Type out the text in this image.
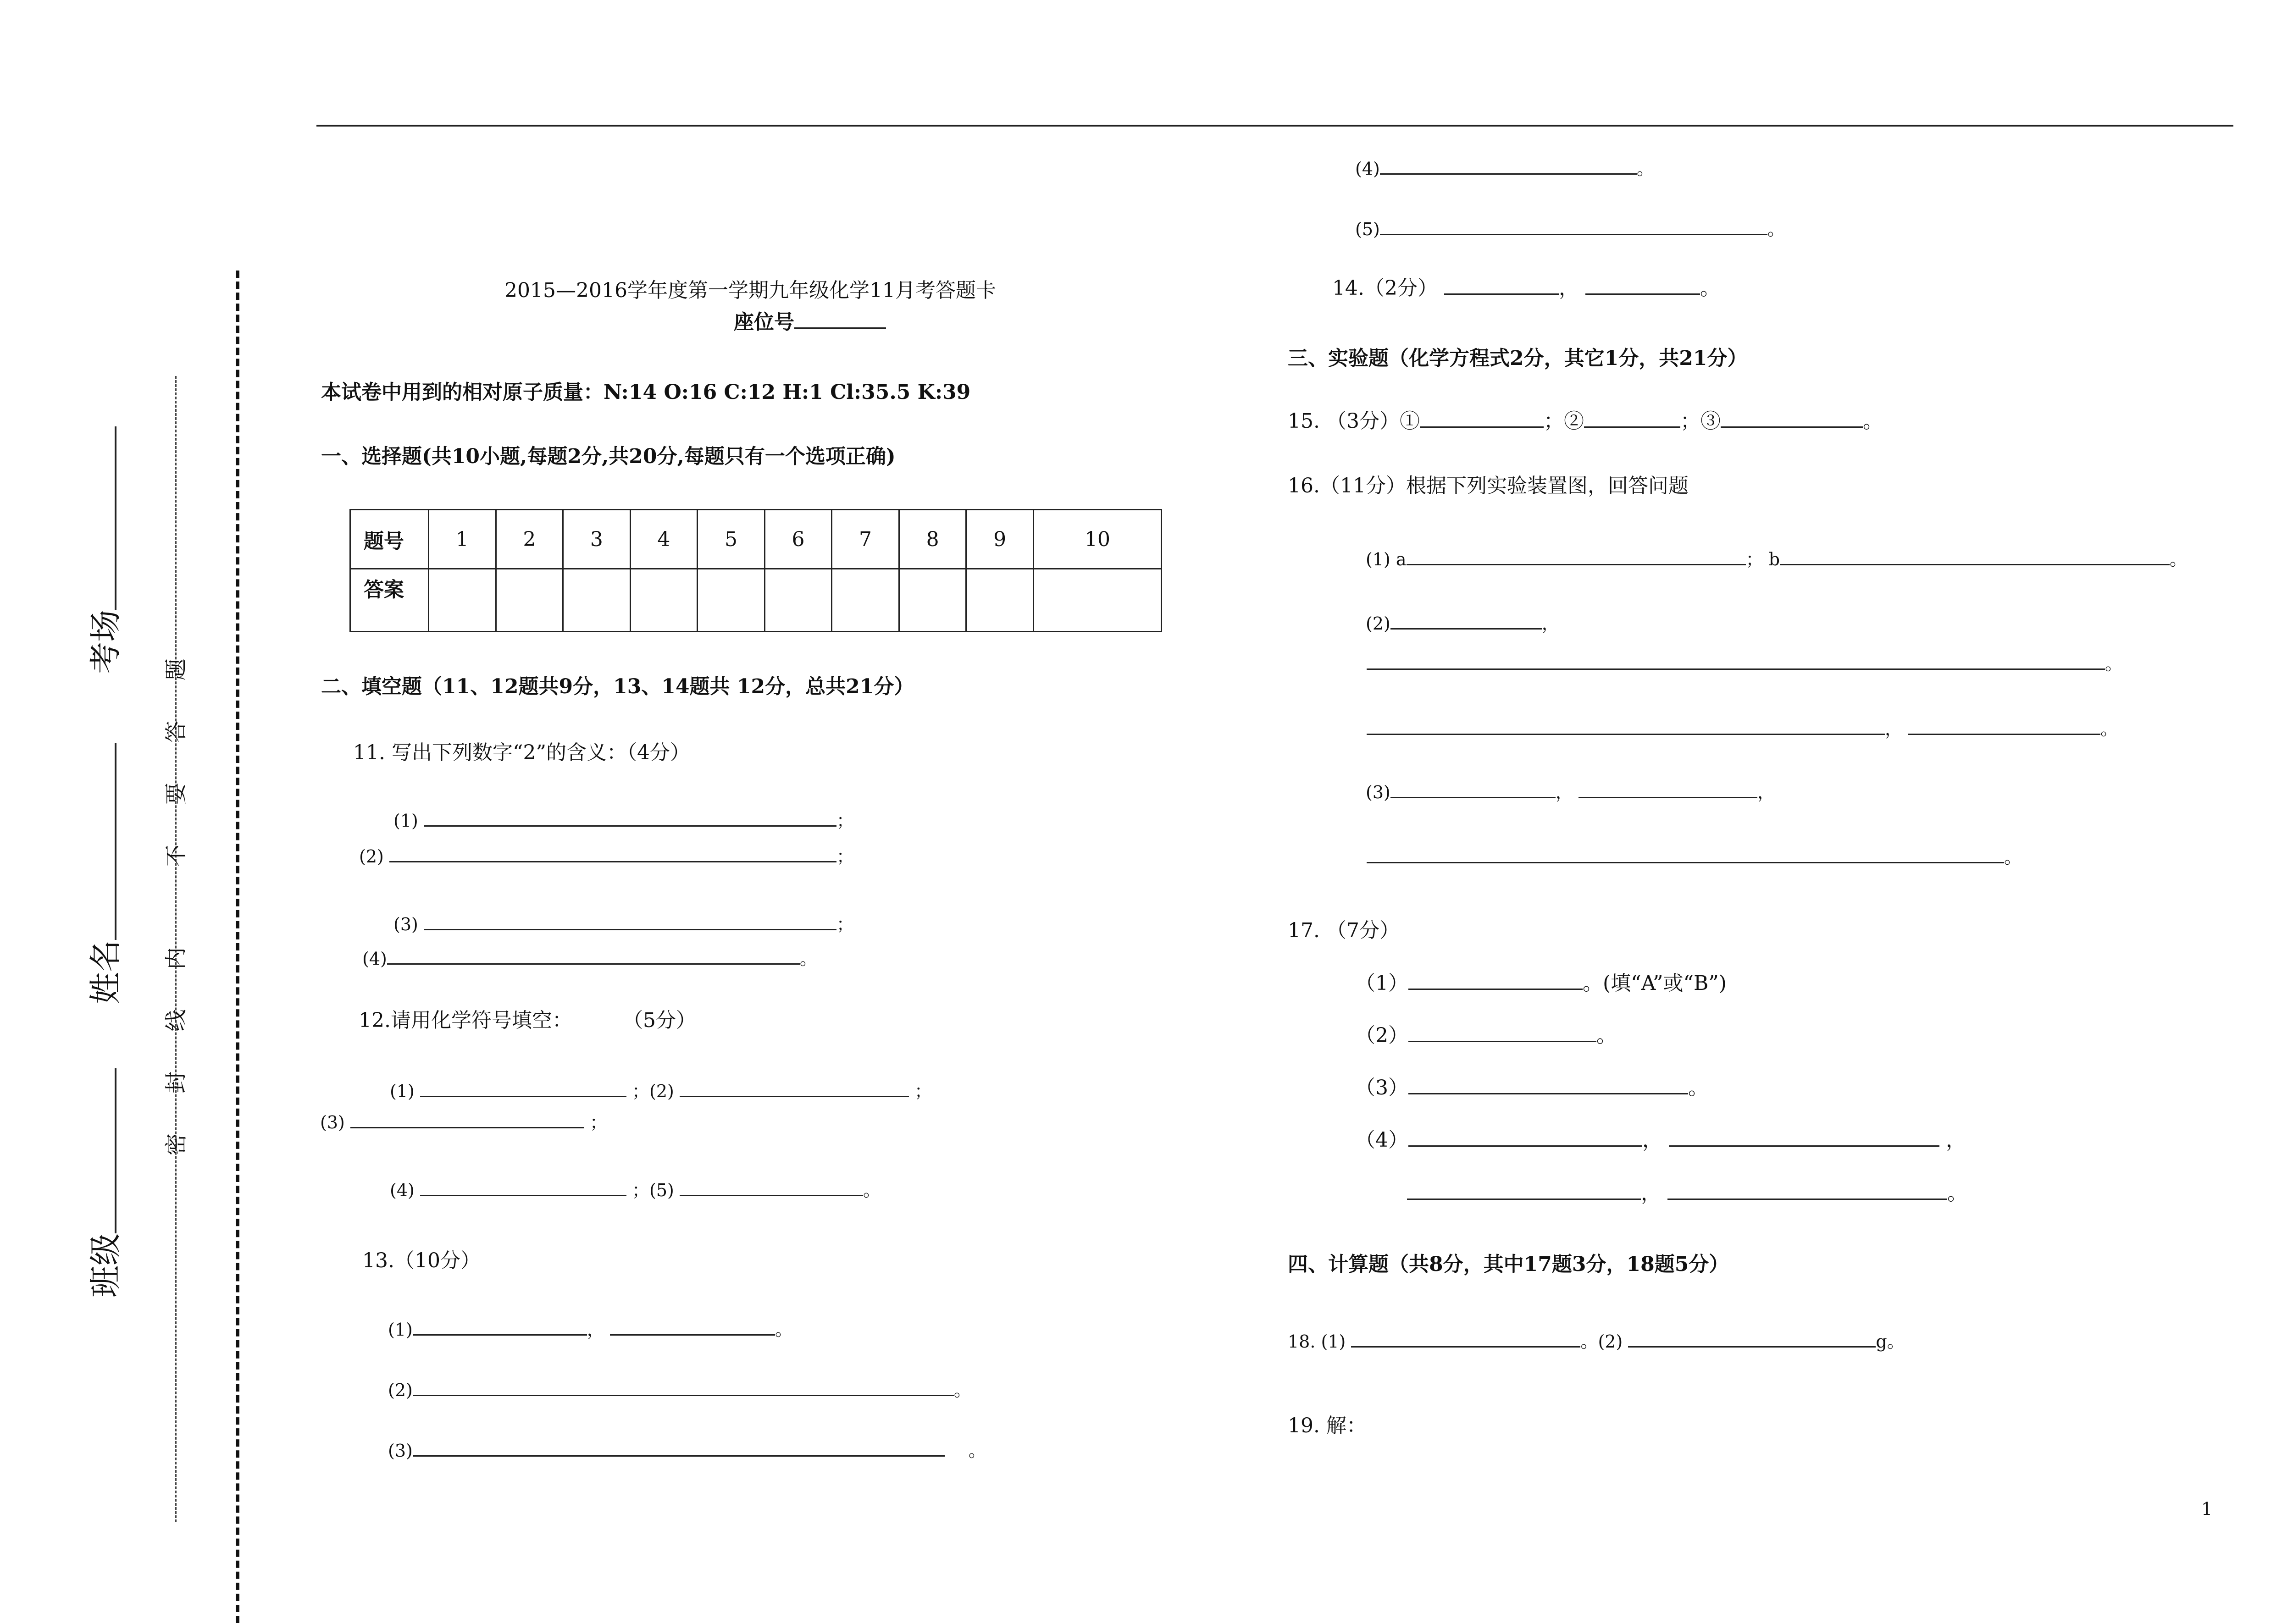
班级姓名考场
密 封 线 内不 要 答 题
2015—2016学年度第一学期九年级化学11月考答题卡
座位号
本试卷中用到的相对原子质量：N:14 O:16 C:12 H:1 Cl:35.5 K:39
一、选择题(共10小题,每题2分,共20分,每题只有一个选项正确)
题号	1	2	3	4	5	6	7	8	9	10
答案										
二、填空题（11、12题共9分，13、14题共 12分，总共21分）
11. 写出下列数字“2”的含义：（4分）
(1)	；
(2)	；
(3)	；
(4)	。
12.请用化学符号填空：	（5分）
(1)	；(2)	；
(3)	；
(4)	；(5)	。
13.（10分）
(1)	，	。
(2)	。
(3)	。
(4)	。
(5)	。
14.（2分）	，	。
三、实验题（化学方程式2分，其它1分，共21分）
15. （3分）①	；②	；③	。
16.（11分）根据下列实验装置图，回答问题
(1) a	； b	。
(2)	，
。
，	。
(3)	，	，
。
17. （7分）
（1）	。(填“A”或“B”)
（2）	。
（3）	。
（4）	，	，
，	。
四、计算题（共8分，其中17题3分，18题5分）
18. (1)	。(2)	g。
19. 解：
1
